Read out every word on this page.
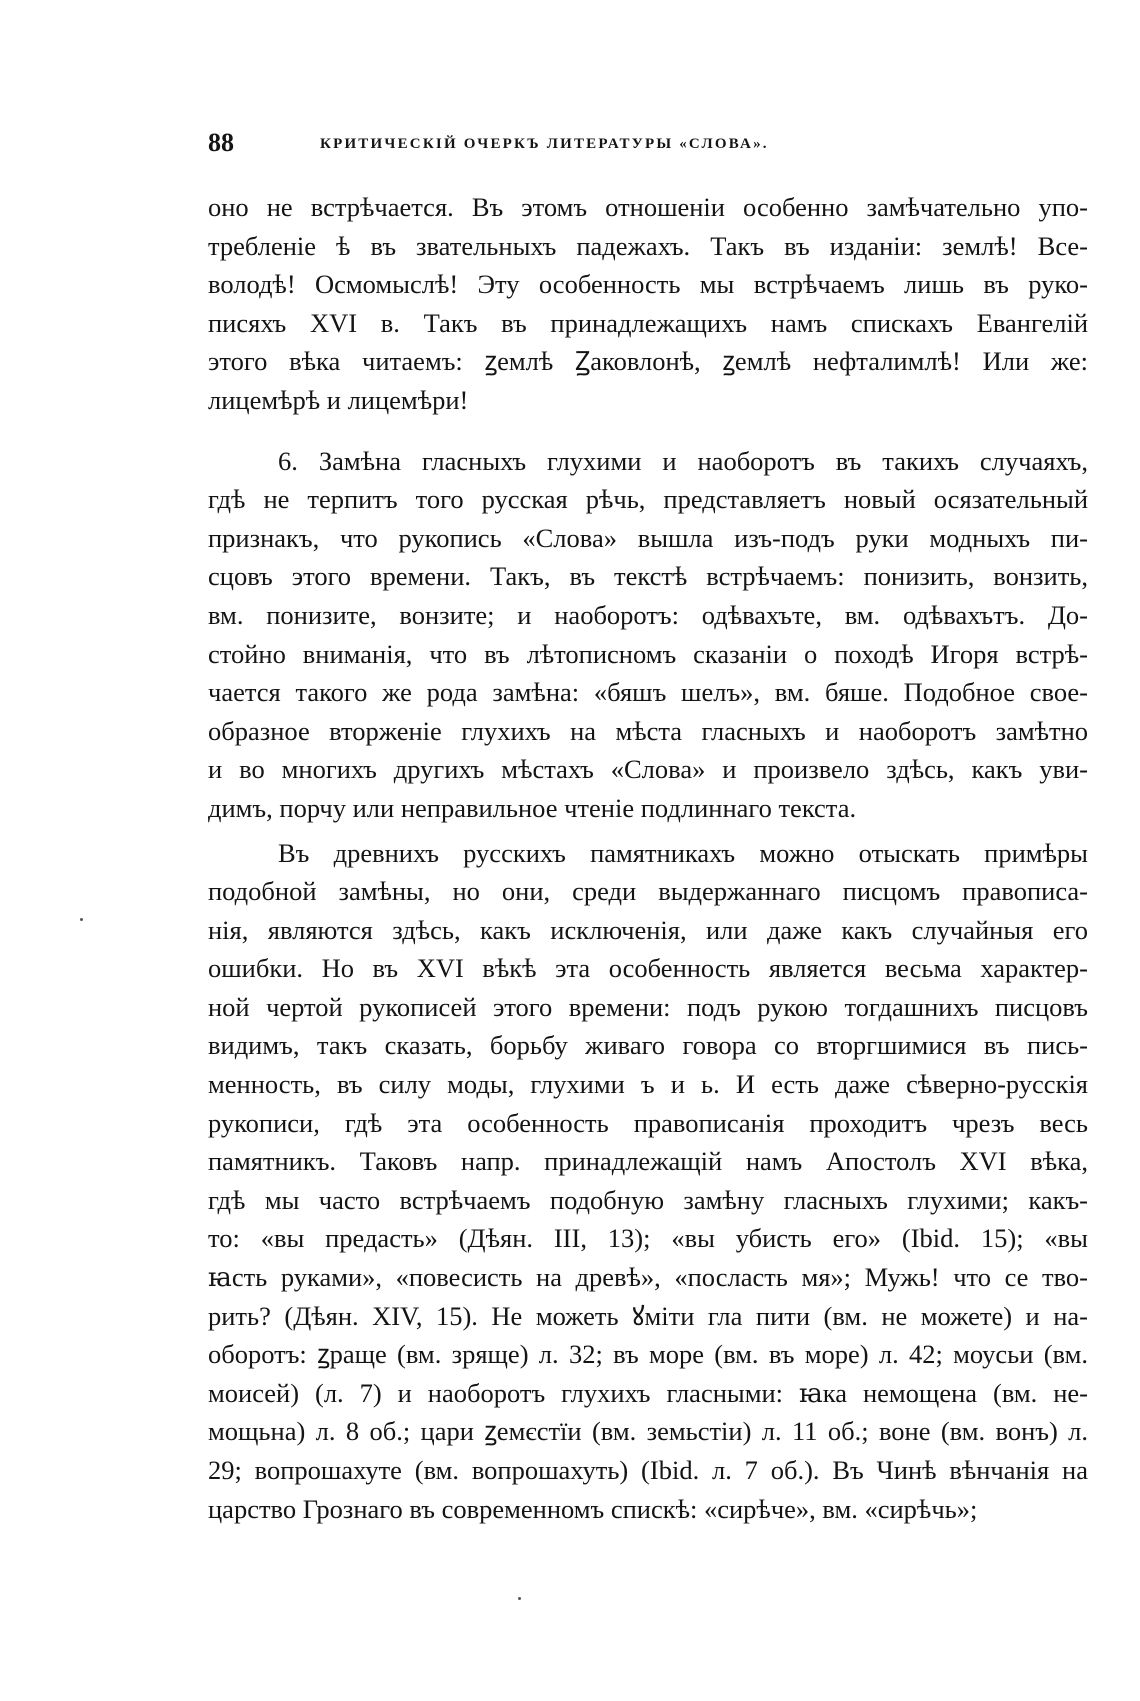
88	КРИТИЧЕСКІЙ ОЧЕРКЪ ЛИТЕРАТУРЫ «СЛОВА».
оно не встрѣчается. Въ этомъ отношеніи особенно замѣчательно упо-
требленіе ѣ въ звательныхъ падежахъ. Такъ въ изданіи: землѣ! Все-
володѣ! Осмомыслѣ! Эту особенность мы встрѣчаемъ лишь въ руко-
писяхъ XVI в. Такъ въ принадлежащихъ намъ спискахъ Евангелій
этого вѣка читаемъ: ꙁемлѣ Ꙁаковлонѣ, ꙁемлѣ нефталимлѣ! Или же:
лицемѣрѣ и лицемѣри!
6. Замѣна гласныхъ глухими и наоборотъ въ такихъ случаяхъ,
гдѣ не терпитъ того русская рѣчь, представляетъ новый осязательный
признакъ, что рукопись «Слова» вышла изъ-подъ руки модныхъ пи-
сцовъ этого времени. Такъ, въ текстѣ встрѣчаемъ: понизить, вонзить,
вм. понизите, вонзите; и наоборотъ: одѣвахъте, вм. одѣвахътъ. До-
стойно вниманія, что въ лѣтописномъ сказаніи о походѣ Игоря встрѣ-
чается такого же рода замѣна: «бяшъ шелъ», вм. бяше. Подобное свое-
образное вторженіе глухихъ на мѣста гласныхъ и наоборотъ замѣтно
и во многихъ другихъ мѣстахъ «Слова» и произвело здѣсь, какъ уви-
димъ, порчу или неправильное чтеніе подлиннаго текста.
Въ древнихъ русскихъ памятникахъ можно отыскать примѣры
подобной замѣны, но они, среди выдержаннаго писцомъ правописа-
нія, являются здѣсь, какъ исключенія, или даже какъ случайныя его
ошибки. Но въ XVI вѣкѣ эта особенность является весьма характер-
ной чертой рукописей этого времени: подъ рукою тогдашнихъ писцовъ
видимъ, такъ сказать, борьбу живаго говора со вторгшимися въ пись-
менность, въ силу моды, глухими ъ и ь. И есть даже сѣверно-русскія
рукописи, гдѣ эта особенность правописанія проходитъ чрезъ весь
памятникъ. Таковъ напр. принадлежащій намъ Апостолъ XVI вѣка,
гдѣ мы часто встрѣчаемъ подобную замѣну гласныхъ глухими; какъ-
то: «вы предасть» (Дѣян. III, 13); «вы убисть его» (Ibid. 15); «вы
ꙗсть руками», «повесисть на древѣ», «посласть мя»; Мужь! что се тво-
рить? (Дѣян. XIV, 15). Не можеть ꙋміти гла пити (вм. не можете) и на-
оборотъ: ꙁраще (вм. зряще) л. 32; въ море (вм. въ море) л. 42; моусьи (вм.
моисей) (л. 7) и наоборотъ глухихъ гласными: ꙗка немощена (вм. не-
мощьна) л. 8 об.; цари ꙁемєстїи (вм. земьстіи) л. 11 об.; воне (вм. вонъ) л.
29; вопрошахуте (вм. вопрошахуть) (Ibid. л. 7 об.). Въ Чинѣ вѣнчанія на
царство Грознаго въ современномъ спискѣ: «сирѣче», вм. «сирѣчь»;
